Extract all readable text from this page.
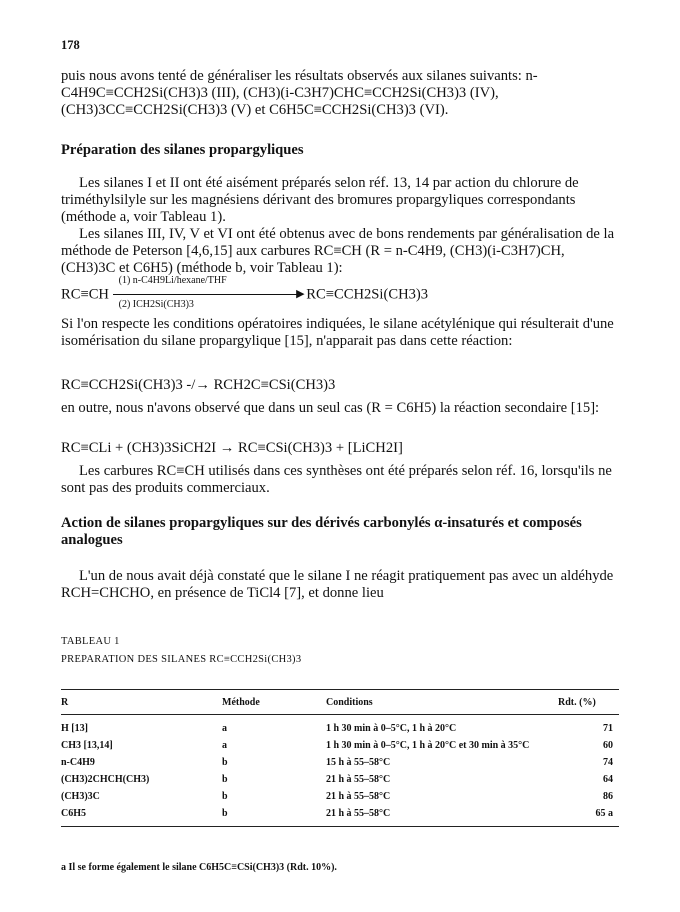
178
puis nous avons tenté de généraliser les résultats observés aux silanes suivants: n-C4H9C≡CCH2Si(CH3)3 (III), (CH3)(i-C3H7)CHC≡CCH2Si(CH3)3 (IV), (CH3)3CC≡CCH2Si(CH3)3 (V) et C6H5C≡CCH2Si(CH3)3 (VI).
Préparation des silanes propargyliques

Les silanes I et II ont été aisément préparés selon réf. 13, 14 par action du chlorure de triméthylsilyle sur les magnésiens dérivant des bromures propargyliques correspondants (méthode a, voir Tableau 1).

Les silanes III, IV, V et VI ont été obtenus avec de bons rendements par généralisation de la méthode de Peterson [4,6,15] aux carbures RC≡CH (R = n-C4H9, (CH3)(i-C3H7)CH, (CH3)3C et C6H5) (méthode b, voir Tableau 1):

RC≡CH
(1) n-C4H9Li/hexane/THF
▶
(2) ICH2Si(CH3)3
RC≡CCH2Si(CH3)3
Si l'on respecte les conditions opératoires indiquées, le silane acétylénique qui résulterait d'une isomérisation du silane propargylique [15], n'apparait pas dans cette réaction:
RC≡CCH2Si(CH3)3 -/→ RCH2C≡CSi(CH3)3
en outre, nous n'avons observé que dans un seul cas (R = C6H5) la réaction secondaire [15]:
RC≡CLi + (CH3)3SiCH2I → RC≡CSi(CH3)3 + [LiCH2I]
Les carbures RC≡CH utilisés dans ces synthèses ont été préparés selon réf. 16, lorsqu'ils ne sont pas des produits commerciaux.
Action de silanes propargyliques sur des dérivés carbonylés α-insaturés et composés analogues
L'un de nous avait déjà constaté que le silane I ne réagit pratiquement pas avec un aldéhyde RCH=CHCHO, en présence de TiCl4 [7], et donne lieu
TABLEAU 1
PREPARATION DES SILANES RC≡CCH2Si(CH3)3
R	Méthode	Conditions	Rdt. (%)
H [13]	a	1 h 30 min à 0–5°C, 1 h à 20°C	71
CH3 [13,14]	a	1 h 30 min à 0–5°C, 1 h à 20°C et 30 min à 35°C	60
n-C4H9	b	15 h à 55–58°C	74
(CH3)2CHCH(CH3)	b	21 h à 55–58°C	64
(CH3)3C	b	21 h à 55–58°C	86
C6H5	b	21 h à 55–58°C	65 a
a Il se forme également le silane C6H5C≡CSi(CH3)3 (Rdt. 10%).
